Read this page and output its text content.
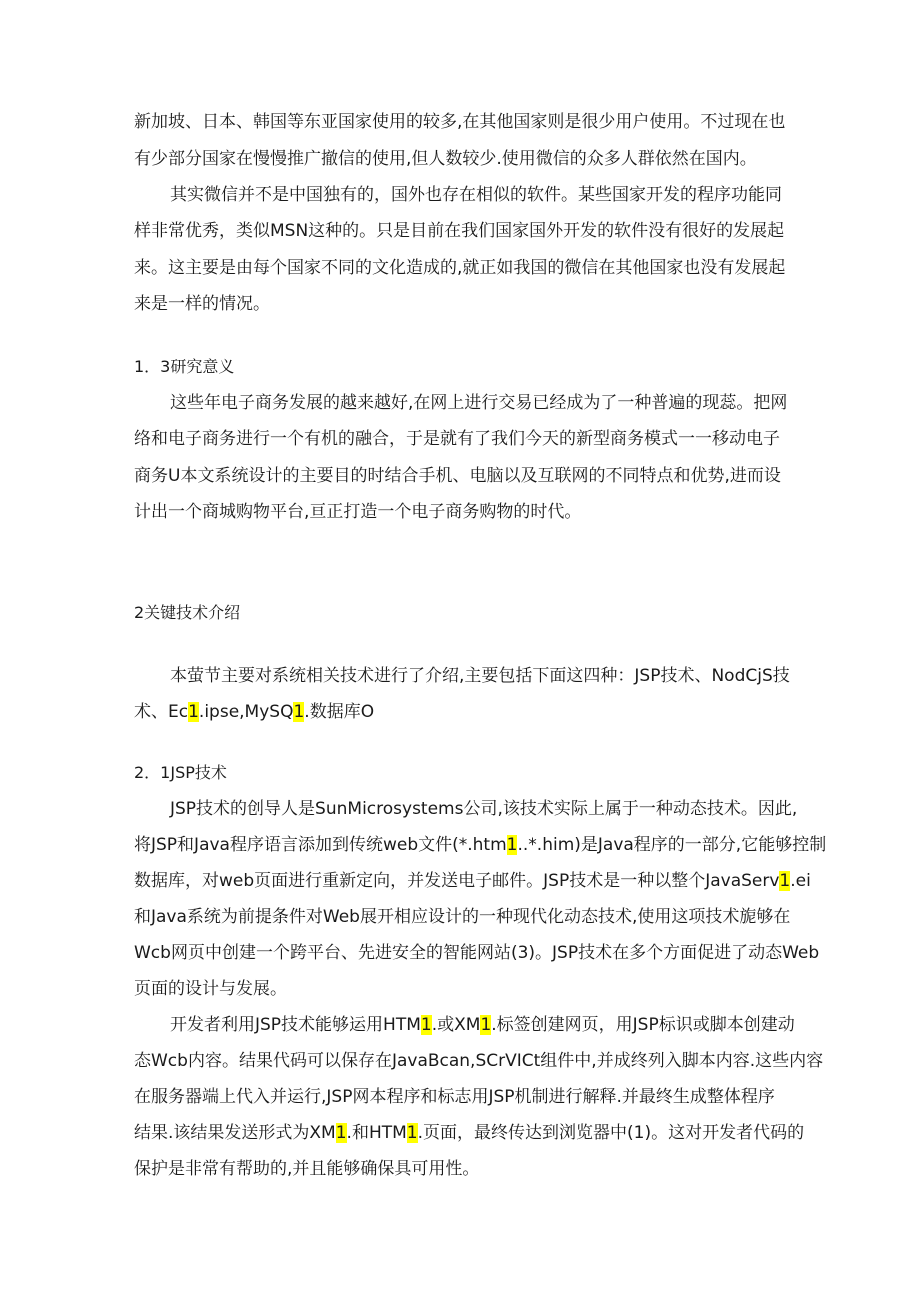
新加坡、日本、韩国等东亚国家使用的较多,在其他国家则是很少用户使用。不过现在也

有少部分国家在慢慢推广撤信的使用,但人数较少.使用微信的众多人群依然在国内。

其实微信并不是中国独有的，国外也存在相似的软件。某些国家开发的程序功能同

样非常优秀，类似MSN这种的。只是目前在我们国家国外开发的软件没有很好的发展起

来。这主要是由每个国家不同的文化造成的,就正如我国的微信在其他国家也没有发展起

来是一样的情况。

1．3研究意义

这些年电子商务发展的越来越好,在网上进行交易已经成为了一种普遍的现蕊。把网

络和电子商务进行一个有机的融合，于是就有了我们今天的新型商务模式一一移动电子

商务U本文系统设计的主要目的时结合手机、电脑以及互联网的不同特点和优势,进而设

计出一个商城购物平台,亘正打造一个电子商务购物的时代。

2关键技术介绍

本萤节主要对系统相关技术进行了介绍,主要包括下面这四种：JSP技术、NodCjS技

术、Ec1.ipse,MySQ1.数据库O

2．1JSP技术

JSP技术的创导人是SunMicrosystems公司,该技术实际上属于一种动态技术。因此,

将JSP和Java程序语言添加到传统web文件(*.htm1..*.him)是Java程序的一部分,它能够控制

数据库，对web页面进行重新定向，并发送电子邮件。JSP技术是一种以整个JavaServ1.ei

和Java系统为前提条件对Web展开相应设计的一种现代化动态技术,使用这项技术旎够在

Wcb网页中创建一个跨平台、先进安全的智能网站(3)。JSP技术在多个方面促进了动态Web

页面的设计与发展。

开发者利用JSP技术能够运用HTM1.或XM1.标签创建网页，用JSP标识或脚本创建动

态Wcb内容。结果代码可以保存在JavaBcan,SCrVICt组件中,并成终列入脚本内容.这些内容

在服务器端上代入并运行,JSP网本程序和标志用JSP机制进行解释.并最终生成整体程序

结果.该结果发送形式为XM1.和HTM1.页面，最终传达到浏览器中(1)。这对开发者代码的

保护是非常有帮助的,并且能够确保具可用性。
